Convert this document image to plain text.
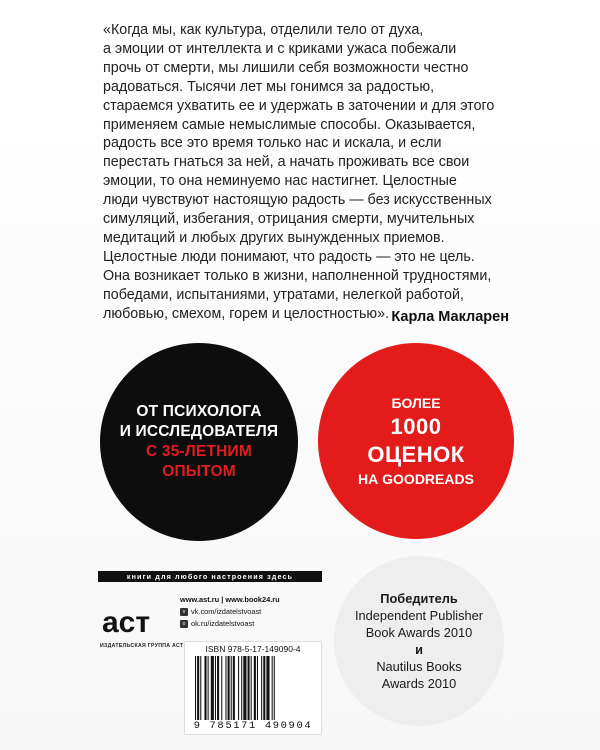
«Когда мы, как культура, отделили тело от духа,

а эмоции от интеллекта и с криками ужаса побежали

прочь от смерти, мы лишили себя возможности честно

радоваться. Тысячи лет мы гонимся за радостью,

стараемся ухватить ее и удержать в заточении и для этого

применяем самые немыслимые способы. Оказывается,

радость все это время только нас и искала, и если

перестать гнаться за ней, а начать проживать все свои

эмоции, то она неминуемо нас настигнет. Целостные

люди чувствуют настоящую радость — без искусственных

симуляций, избегания, отрицания смерти, мучительных

медитаций и любых других вынужденных приемов.

Целостные люди понимают, что радость — это не цель.

Она возникает только в жизни, наполненной трудностями,

победами, испытаниями, утратами, нелегкой работой,

любовью, смехом, горем и целостностью». Карла Макларен
ОТ ПСИХОЛОГА
И ИССЛЕДОВАТЕЛЯ
С 35-ЛЕТНИМ
ОПЫТОМ
БОЛЕЕ
1000
ОЦЕНОК
НА GOODREADS
Победитель
Independent Publisher
Book Awards 2010
и
Nautilus Books
Awards 2010
книги для любого настроения здесь
аст
ИЗДАТЕЛЬСКАЯ ГРУППА АСТ
www.ast.ru | www.book24.ru
v vk.com/izdatelstvoast
о ok.ru/izdatelstvoast
ISBN 978-5-17-149090-4
9 785171 490904
